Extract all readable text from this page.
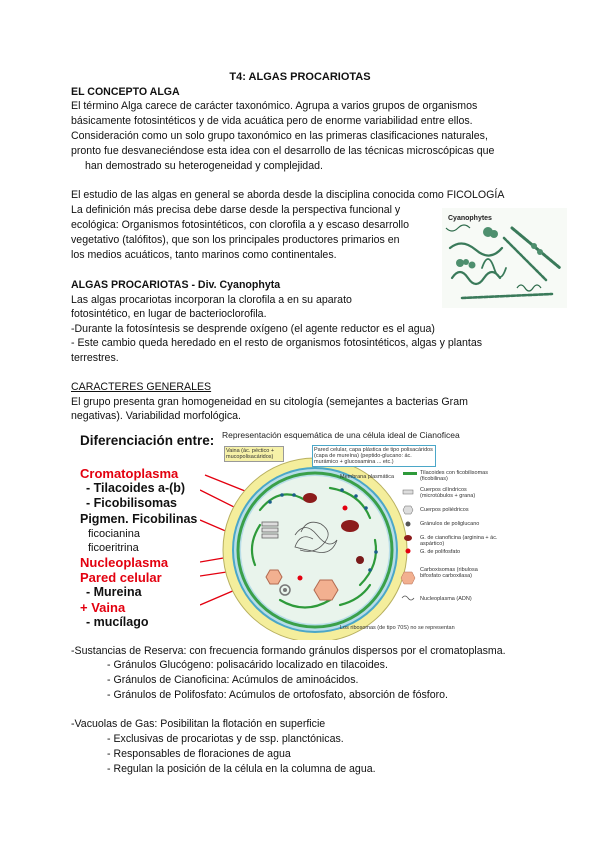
T4: ALGAS PROCARIOTAS
EL CONCEPTO ALGA
El término Alga carece de carácter taxonómico. Agrupa a varios grupos de organismos
básicamente fotosintéticos y de vida acuática pero de enorme variabilidad entre ellos.
Consideración como un solo grupo taxonómico en las primeras clasificaciones naturales,
pronto fue desvaneciéndose esta idea con el desarrollo de las técnicas microscópicas que
han demostrado su heterogeneidad y complejidad.
El estudio de las algas en general se aborda desde la disciplina conocida como FICOLOGÍA
La definición más precisa debe darse desde la perspectiva funcional y
ecológica: Organismos fotosintéticos, con clorofila a y escaso desarrollo
vegetativo (talófitos), que son los principales productores primarios en
los medios acuáticos, tanto marinos como continentales.
Cyanophytes
ALGAS PROCARIOTAS - Div. Cyanophyta
Las algas procariotas incorporan la clorofila a en su aparato
fotosintético, en lugar de bacterioclorofila.
-Durante la fotosíntesis se desprende oxígeno (el agente reductor es el agua)
- Este cambio queda heredado en el resto de organismos fotosintéticos, algas y plantas
terrestres.
CARACTERES GENERALES
El grupo presenta gran homogeneidad en su citología (semejantes a bacterias Gram
negativas). Variabilidad morfológica.
Diferenciación entre:
Cromatoplasma
- Tilacoides a-(b)
- Ficobilisomas
Pigmen. Ficobilinas
ficocianina
ficoeritrina
Nucleoplasma
Pared celular
- Mureina
+ Vaina
- mucílago
Representación esquemática de una célula ideal de Cianoficea
Vaina (ác. péctico + mucopolisacáridos)
Pared celular, capa plástica de tipo polisacáridos (capa de mureína) (peptido-glucano: ác. murámico + glucosamina ... etc.)
Membrana plasmática
Tilacoides con ficobilisomas (ficobilinas)
Cuerpos cilíndricos (microtúbulos + grana)
Cuerpos poliédricos
Gránulos de poliglucano
G. de cianoficina (arginina + ác. aspártico)
G. de polifosfato
Carboxisomas (ribulosa bifosfato carboxilasa)
Nucleoplasma (ADN)
Los ribosomas (de tipo 70S) no se representan
-Sustancias de Reserva: con frecuencia formando gránulos dispersos por el cromatoplasma.
- Gránulos Glucógeno: polisacárido localizado en tilacoides.
- Gránulos de Cianoficina: Acúmulos de aminoácidos.
- Gránulos de Polifosfato: Acúmulos de ortofosfato, absorción de fósforo.
-Vacuolas de Gas: Posibilitan la flotación en superficie
- Exclusivas de procariotas y de ssp. planctónicas.
- Responsables de floraciones de agua
- Regulan la posición de la célula en la columna de agua.
